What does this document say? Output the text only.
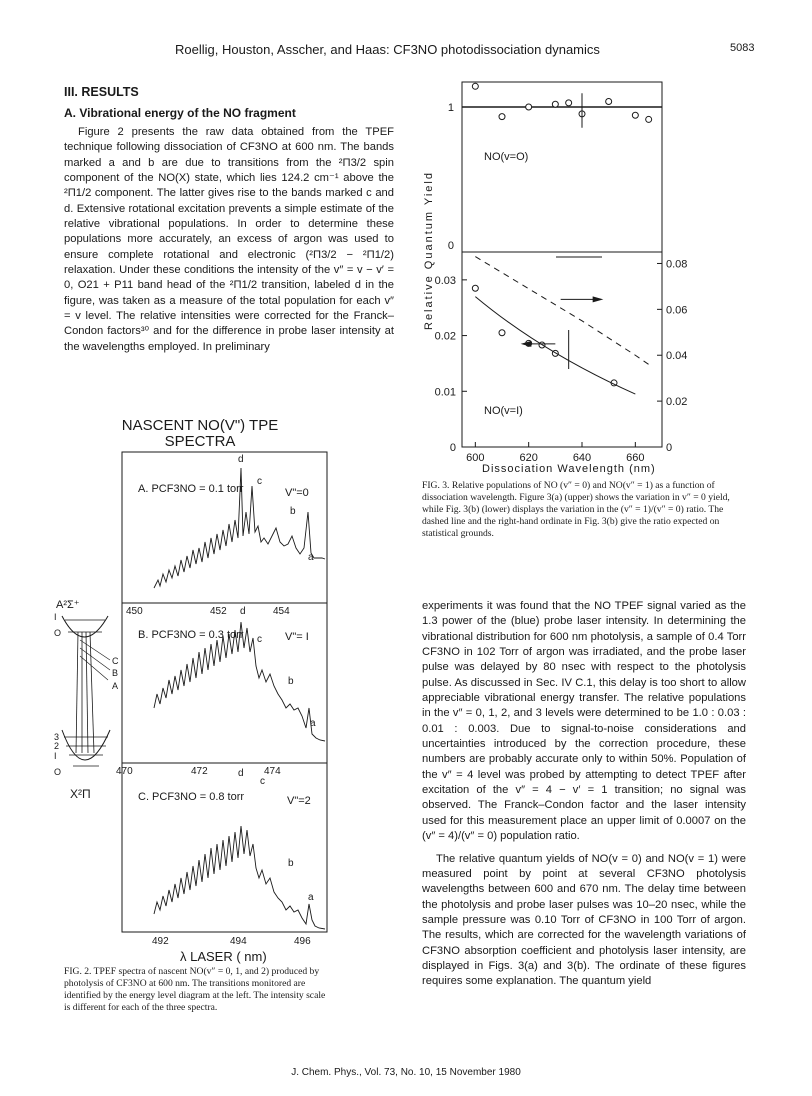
Roellig, Houston, Asscher, and Haas: CF3NO photodissociation dynamics	5083
III. RESULTS
A. Vibrational energy of the NO fragment

Figure 2 presents the raw data obtained from the TPEF technique following dissociation of CF3NO at 600 nm. The bands marked a and b are due to transitions from the ²Π3/2 spin component of the NO(X) state, which lies 124.2 cm⁻¹ above the ²Π1/2 component. The latter gives rise to the bands marked c and d. Extensive rotational excitation prevents a simple estimate of the relative vibrational populations. In order to determine these populations more accurately, an excess of argon was used to ensure complete rotational and electronic (²Π3/2 − ²Π1/2) relaxation. Under these conditions the intensity of the v″ = v − v′ = 0, O21 + P11 band head of the ²Π1/2 transition, labeled d in the figure, was taken as a measure of the total population for each v″ = v level. The relative intensities were corrected for the Franck–Condon factors³⁰ and for the difference in probe laser intensity at the wavelengths employed. In preliminary

NASCENT NO(V") TPE
SPECTRA
A²Σ⁺
I
O
C
B
A
3
2
I
O
X²Π
A. PCF3NO = 0.1 torr	V"=0
d
c
b
a
450	452	454
d
B. PCF3NO = 0.3 torr	V"= I
c
b
a
470	472	474
d
C. PCF3NO = 0.8 torr	V"=2
c
b
a
492	494	496
λ LASER ( nm)
FIG. 2. TPEF spectra of nascent NO(v″ = 0, 1, and 2) produced by photolysis of CF3NO at 600 nm. The transitions monitored are identified by the energy level diagram at the left. The intensity scale is different for each of the three spectra.
Relative Quantum Yield
NO(v=O)
NO(v=I)
Dissociation Wavelength (nm)
0
1
0
0.01
0.02
0.03
0
0.02
0.04
0.06
0.08
600	620	640	660
FIG. 3. Relative populations of NO (v″ = 0) and NO(v″ = 1) as a function of dissociation wavelength. Figure 3(a) (upper) shows the variation in v″ = 0 yield, while Fig. 3(b) (lower) displays the variation in the (v″ = 1)/(v″ = 0) ratio. The dashed line and the right-hand ordinate in Fig. 3(b) give the ratio expected on statistical grounds.

experiments it was found that the NO TPEF signal varied as the 1.3 power of the (blue) probe laser intensity. In determining the vibrational distribution for 600 nm photolysis, a sample of 0.4 Torr CF3NO in 102 Torr of argon was irradiated, and the probe laser pulse was delayed by 80 nsec with respect to the photolysis pulse. As discussed in Sec. IV C.1, this delay is too short to allow appreciable vibrational energy transfer. The relative populations in the v″ = 0, 1, 2, and 3 levels were determined to be 1.0 : 0.03 : 0.01 : 0.003. Due to signal-to-noise considerations and uncertainties introduced by the correction procedure, these numbers are probably accurate only to within 50%. Population of the v″ = 4 level was probed by attempting to detect TPEF after excitation of the v″ = 4 − v′ = 1 transition; no signal was observed. The Franck–Condon factor and the laser intensity used for this measurement place an upper limit of 0.0007 on the (v″ = 4)/(v″ = 0) population ratio.

The relative quantum yields of NO(v = 0) and NO(v = 1) were measured point by point at several CF3NO photolysis wavelengths between 600 and 670 nm. The delay time between the photolysis and probe laser pulses was 10–20 nsec, while the sample pressure was 0.10 Torr of CF3NO in 100 Torr of argon. The results, which are corrected for the wavelength variations of CF3NO absorption coefficient and photolysis laser intensity, are displayed in Figs. 3(a) and 3(b). The ordinate of these figures requires some explanation. The quantum yield

J. Chem. Phys., Vol. 73, No. 10, 15 November 1980
